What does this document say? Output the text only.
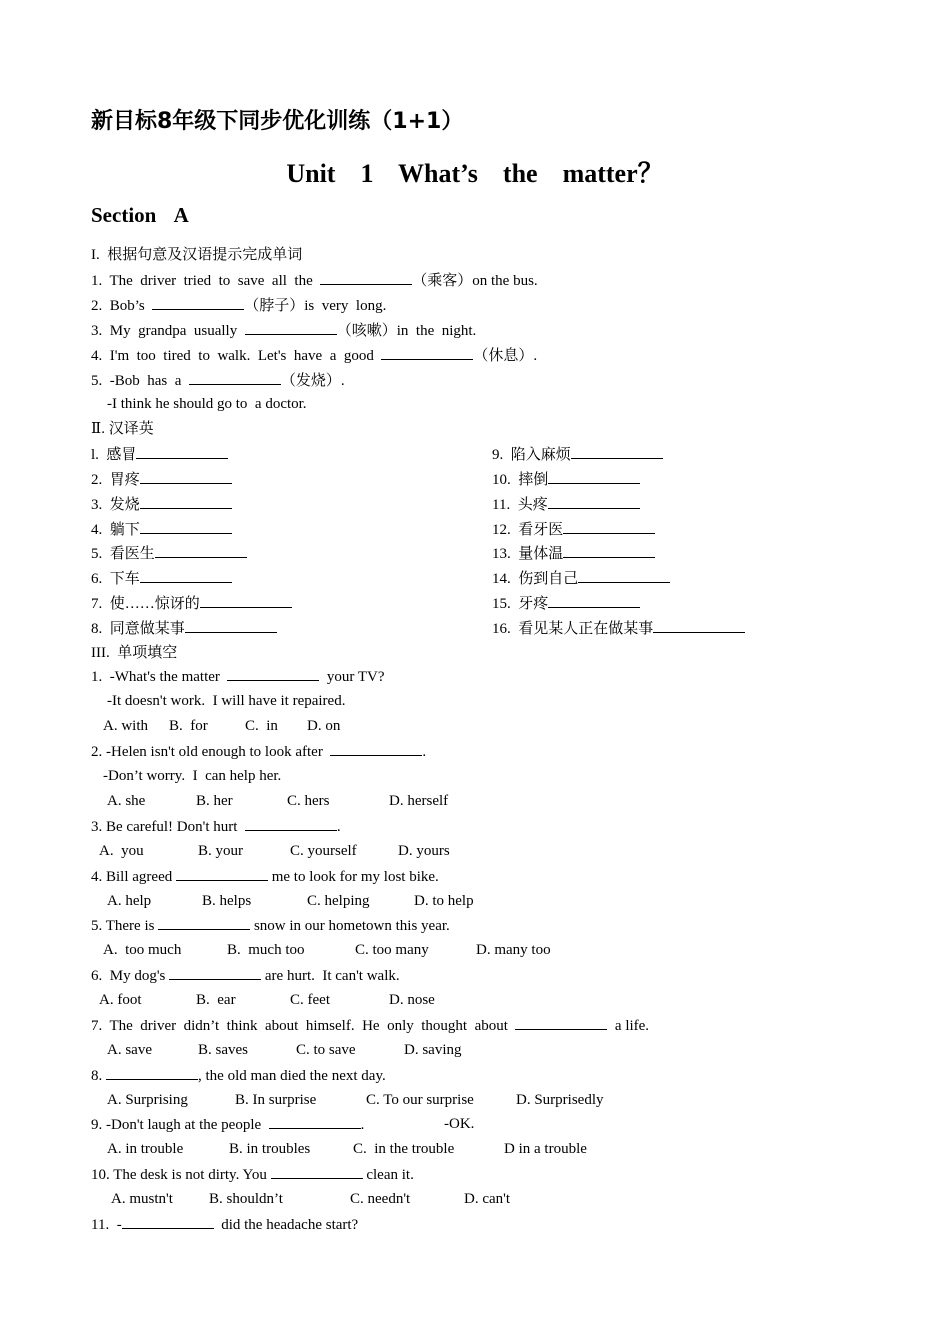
新目标8年级下同步优化训练（1+1）
Unit  1  What’s  the  matter？
Section  A
I.  根据句意及汉语提示完成单词
1.  The  driver  tried  to  save  all  the	（乘客）on the bus.
2.  Bob’s	（脖子）is  very  long.
3.  My  grandpa  usually	（咳嗽）in  the  night.
4.  I'm  too  tired  to  walk.  Let's  have  a  good	（休息）.
5.  -Bob  has  a	（发烧）.
-I think he should go to  a doctor.
Ⅱ. 汉译英
l.  感冒
2.  胃疼
3.  发烧
4.  躺下
5.  看医生
6.  下车
7.  使……惊讶的
8.  同意做某事
9.  陷入麻烦
10.  摔倒
11.  头疼
12.  看牙医
13.  量体温
14.  伤到自己
15.  牙疼
16.  看见某人正在做某事
III.  单项填空
1.  -What's the matter	your TV?
-It doesn't work.  I will have it repaired.
A. with B.  for C.  in D. on
2. -Helen isn't old enough to look after	.
-Don’t worry.  I  can help her.
A. she	B. her	C. hers	D. herself
3. Be careful! Don't hurt	.
A.  you	B. your	C. yourself	D. yours
4. Bill agreed	me to look for my lost bike.
A. help	B. helps	C. helping	D. to help
5. There is	snow in our hometown this year.
A.  too much	B.  much too	C. too many	D. many too
6.  My dog's	are hurt.  It can't walk.
A. foot	B.  ear	C. feet	D. nose
7.  The  driver  didn’t  think  about  himself.  He  only  thought  about	a life.
A. save	B. saves	C. to save	D. saving
8.	, the old man died the next day.
A. Surprising	B. In surprise	C. To our surprise	D. Surprisedly
9. -Don't laugh at the people	.	-OK.
A. in trouble	B. in troubles	C.  in the trouble	D in a trouble
10. The desk is not dirty. You	clean it.
A. mustn't B. shouldn’t	C. needn't	D. can't
11.  -	did the headache start?
